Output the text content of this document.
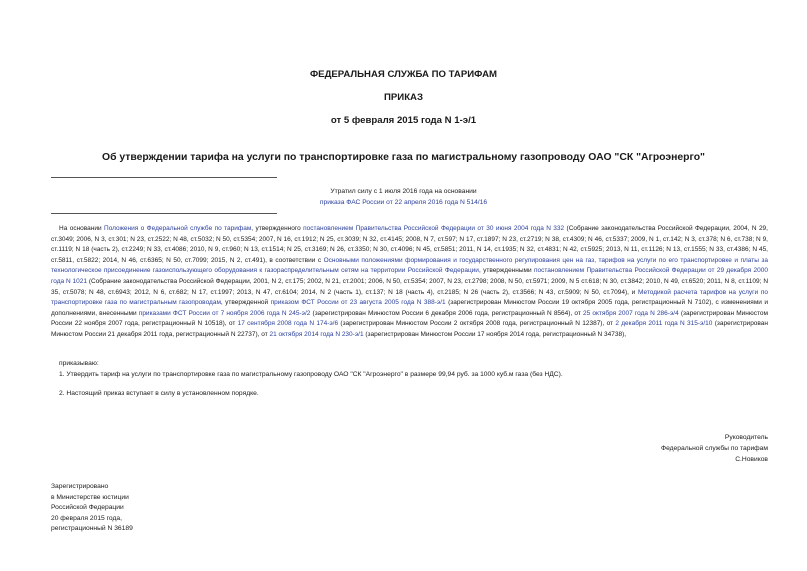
ФЕДЕРАЛЬНАЯ СЛУЖБА ПО ТАРИФАМ
ПРИКАЗ
от 5 февраля 2015 года N 1-э/1
Об утверждении тарифа на услуги по транспортировке газа по магистральному газопроводу ОАО "СК "Агроэнерго"
Утратил силу с 1 июля 2016 года на основании
приказа ФАС России от 22 апреля 2016 года N 514/16

На основании Положения о Федеральной службе по тарифам, утвержденного постановлением Правительства Российской Федерации от 30 июня 2004 года N 332 (Собрание законодательства Российской Федерации, 2004, N 29, ст.3049; 2006, N 3, ст.301; N 23, ст.2522; N 48, ст.5032; N 50, ст.5354; 2007, N 16, ст.1912; N 25, ст.3039; N 32, ст.4145; 2008, N 7, ст.597; N 17, ст.1897; N 23, ст.2719; N 38, ст.4309; N 46, ст.5337; 2009, N 1, ст.142; N 3, ст.378; N 6, ст.738; N 9, ст.1119; N 18 (часть 2), ст.2249; N 33, ст.4086; 2010, N 9, ст.960; N 13, ст.1514; N 25, ст.3169; N 26, ст.3350; N 30, ст.4096; N 45, ст.5851; 2011, N 14, ст.1935; N 32, ст.4831; N 42, ст.5925; 2013, N 11, ст.1126; N 13, ст.1555; N 33, ст.4386; N 45, ст.5811, ст.5822; 2014, N 46, ст.6365; N 50, ст.7099; 2015, N 2, ст.491), в соответствии с Основными положениями формирования и государственного регулирования цен на газ, тарифов на услуги по его транспортировке и платы за технологическое присоединение газоиспользующего оборудования к газораспределительным сетям на территории Российской Федерации, утвержденными постановлением Правительства Российской Федерации от 29 декабря 2000 года N 1021 (Собрание законодательства Российской Федерации, 2001, N 2, ст.175; 2002, N 21, ст.2001; 2006, N 50, ст.5354; 2007, N 23, ст.2798; 2008, N 50, ст.5971; 2009, N 5 ст.618; N 30, ст.3842; 2010, N 49, ст.6520; 2011, N 8, ст.1109; N 35, ст.5078; N 48, ст.6943; 2012, N 6, ст.682; N 17, ст.1997; 2013, N 47, ст.6104; 2014, N 2 (часть 1), ст.137; N 18 (часть 4), ст.2185; N 26 (часть 2), ст.3566; N 43, ст.5909; N 50, ст.7094), и Методикой расчета тарифов на услуги по транспортировке газа по магистральным газопроводам, утвержденной приказом ФСТ России от 23 августа 2005 года N 388-э/1 (зарегистрирован Минюстом России 19 октября 2005 года, регистрационный N 7102), с изменениями и дополнениями, внесенными приказами ФСТ России от 7 ноября 2006 года N 245-э/2 (зарегистрирован Минюстом России 6 декабря 2006 года, регистрационный N 8564), от 25 октября 2007 года N 286-э/4 (зарегистрирован Минюстом России 22 ноября 2007 года, регистрационный N 10518), от 17 сентября 2008 года N 174-э/6 (зарегистрирован Минюстом России 2 октября 2008 года, регистрационный N 12387), от 2 декабря 2011 года N 315-э/10 (зарегистрирован Минюстом России 21 декабря 2011 года, регистрационный N 22737), от 21 октября 2014 года N 230-э/1 (зарегистрирован Минюстом России 17 ноября 2014 года, регистрационный N 34738),

приказываю:
1. Утвердить тариф на услуги по транспортировке газа по магистральному газопроводу ОАО "СК "Агроэнерго" в размере 99,94 руб. за 1000 куб.м газа (без НДС).
2. Настоящий приказ вступает в силу в установленном порядке.
Руководитель
Федеральной службы по тарифам
С.Новиков
Зарегистрировано
в Министерстве юстиции
Российской Федерации
20 февраля 2015 года,
регистрационный N 36189
